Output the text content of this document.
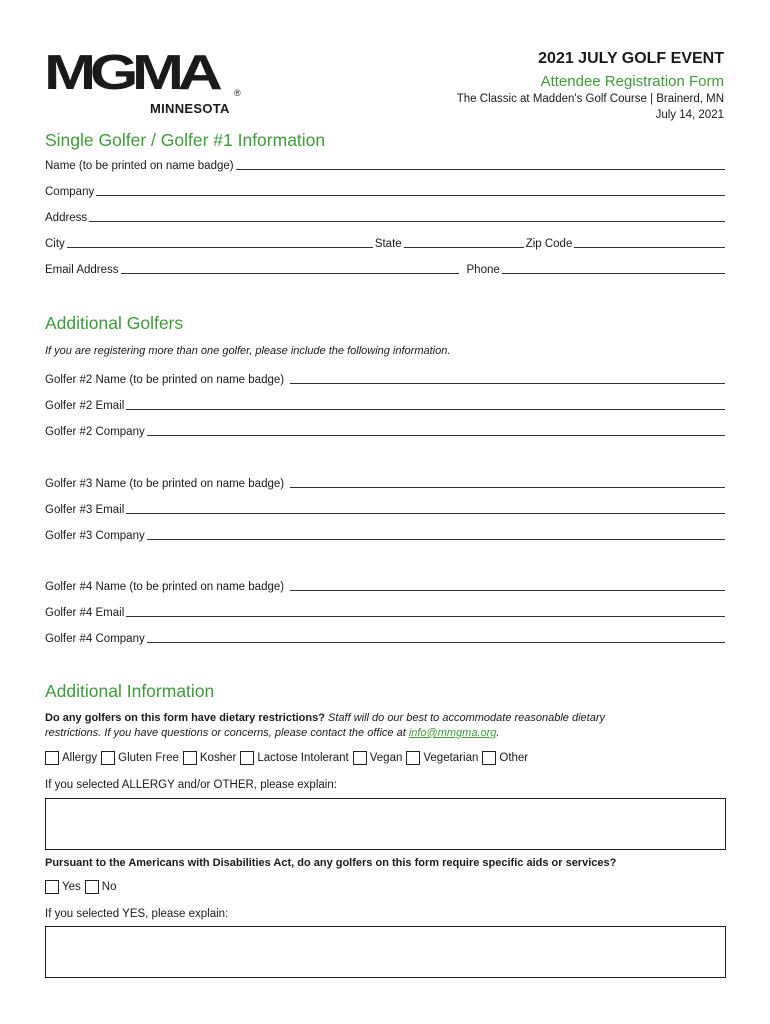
MGMA	®
MINNESOTA
2021 JULY GOLF EVENT
Attendee Registration Form
The Classic at Madden's Golf Course | Brainerd, MN
July 14, 2021
Single Golfer / Golfer #1 Information
Name (to be printed on name badge)
Company
Address
City	State	Zip Code
Email Address	Phone
Additional Golfers
If you are registering more than one golfer, please include the following information.
Golfer #2 Name (to be printed on name badge)
Golfer #2 Email
Golfer #2 Company
Golfer #3 Name (to be printed on name badge)
Golfer #3 Email
Golfer #3 Company
Golfer #4 Name (to be printed on name badge)
Golfer #4 Email
Golfer #4 Company
Additional Information
Do any golfers on this form have dietary restrictions? Staff will do our best to accommodate reasonable dietary
restrictions. If you have questions or concerns, please contact the office at info@mmgma.org.
Allergy Gluten Free Kosher Lactose Intolerant Vegan Vegetarian Other
If you selected ALLERGY and/or OTHER, please explain:
Pursuant to the Americans with Disabilities Act, do any golfers on this form require specific aids or services?
Yes No
If you selected YES, please explain:
